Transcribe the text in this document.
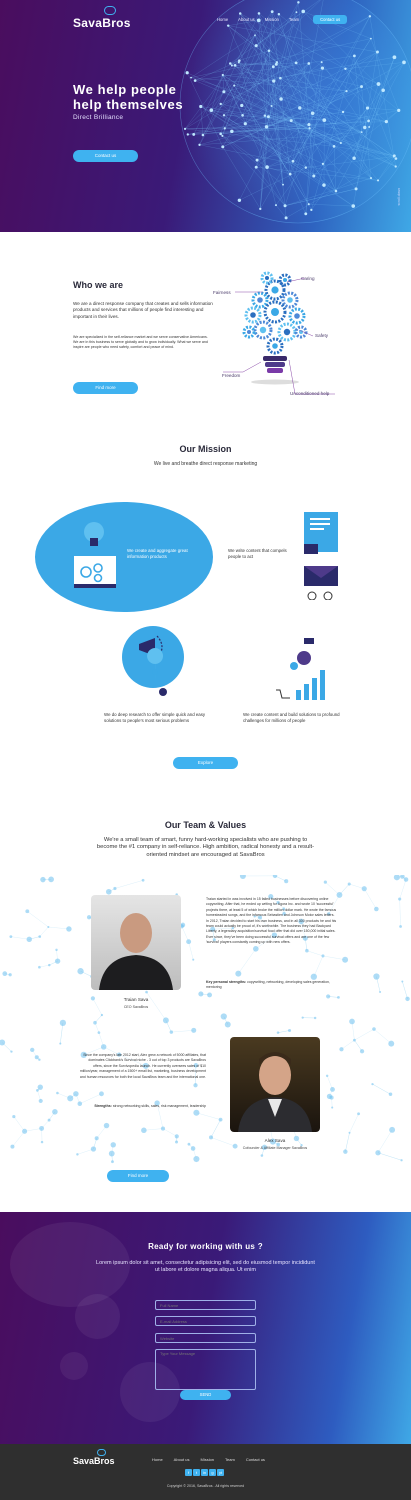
SavaBros	Home About us Mission Team	Contact us
We help people
help themselves
Direct Brilliance
Contact us
scroll down
Who we are

We are a direct response company that creates and sells information products and services that millions of people find interesting and important in their lives.

We are specialized in the self-reliance market and we serve conservative Americans.

We are in this business to serve globally and to grow individually. What we serve and inspire are people who need safety, comfort and peace of mind.

Find more
Caring
Fairness
Safety
Freedom
Unconditioned help
Our Mission
We live and breathe direct response marketing

We create and aggregate great information products

We write content that compels people to act

We do deep research to offer simple quick and easy solutions to people's most serious problems

We create content and build solutions to profound challenges for millions of people

Explore
Our Team & Values

We're a small team of smart, funny hard-working specialists who are pushing to become the #1 company in self-reliance. High ambition, radical honesty and a result-oriented mindset are encouraged at SavaBros

Traian started in was involved in 15 failed businesses before discovering online copywriting. After that, he ended up writing for Agora Inc. and wrote 10 'successful' projects there, at least 5 of which broke the million dollar mark. He wrote the famous homesteaded songs, and the infamous Sebastien and Johnson Motor sales letters. In 2012, Traian decided to start his own business, and in all 300 products he and his team could actually be proud of, it's worthwhile. The business they had Backyard Liberty, a legendary acquisition/survival food offer that did over 150,000 initial sales. Ever since, they've been doing successful survival offers and are one of the few 'survival' players constantly coming up with new offers.

Key personal strengths: copywriting, networking, developing sales generation, mentoring

Traian Sava
CEO SavaBros

Since the company's late 2012 start, Alex grew a network of 5000 affiliates, that dominates Clickbank's Survival niche - 3 out of top 3 products are SavaBros offers, since the Survivopedia launch. He currently oversees sales of $10 million/year, management of a 1500+ email list, marketing, business development and human resources for both the local SavaBros team and the international one.

Strengths: strong networking skills, sales, risk management, leadership

Alex Sava
Cofounder & Affiliate Manager SavaBros
Find more
Ready for working with us ?

Lorem ipsum dolor sit amet, consectetur adipisicing elit, sed do eiusmod tempor incididunt ut labore et dolore magna aliqua. Ut enim

Full Name
E-mail Address
Website
Type Your Message
SEND
SavaBros	Home	About us	Mission	Team	Contact us
f	t	in	g	yt
Copyright © 2016, SavaBros . All rights reserved
